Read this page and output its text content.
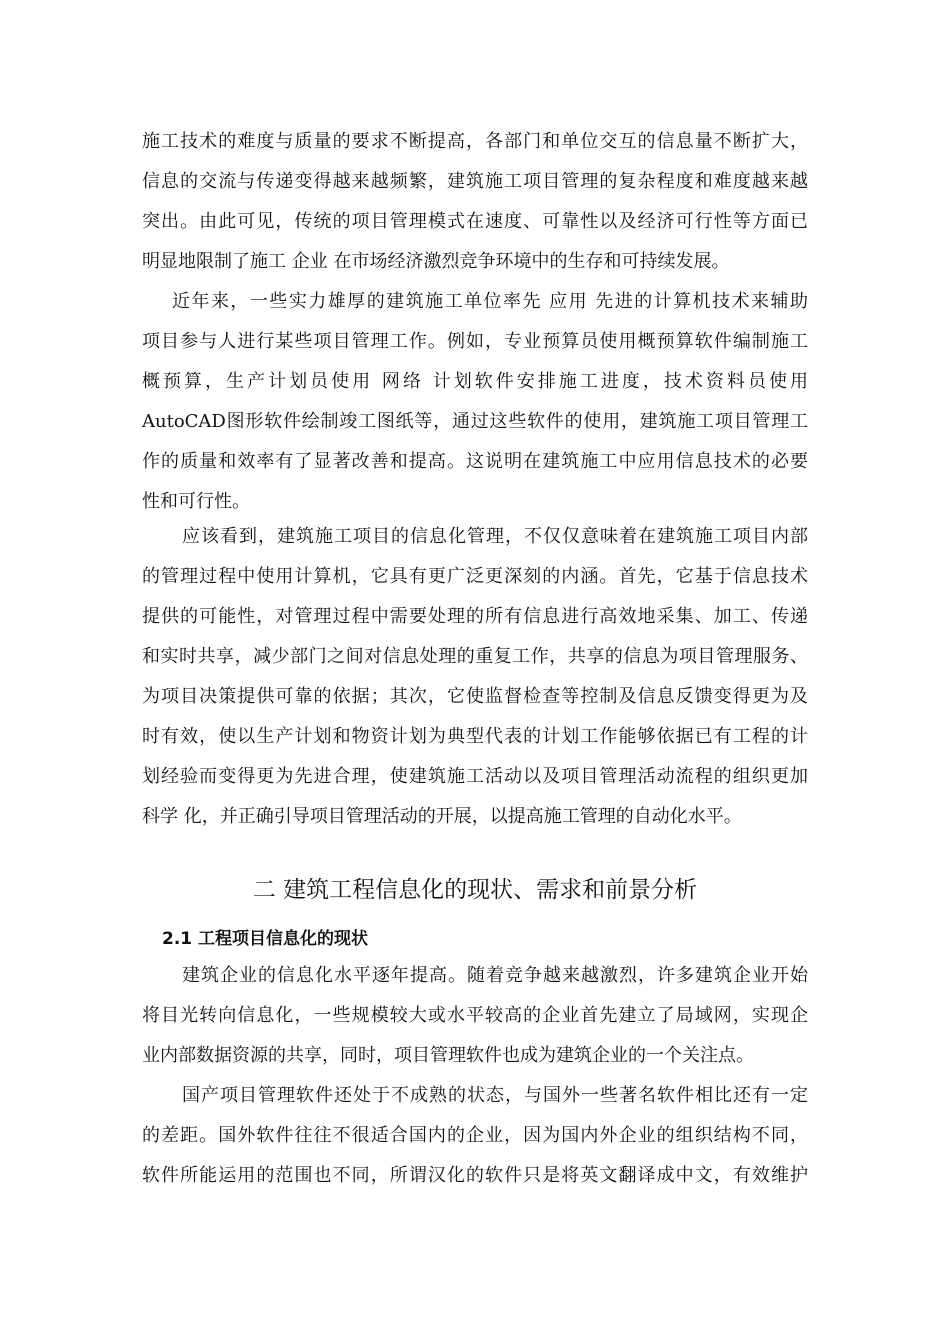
施工技术的难度与质量的要求不断提高，各部门和单位交互的信息量不断扩大，
信息的交流与传递变得越来越频繁，建筑施工项目管理的复杂程度和难度越来越
突出。由此可见，传统的项目管理模式在速度、可靠性以及经济可行性等方面已
明显地限制了施工 企业 在市场经济激烈竞争环境中的生存和可持续发展。
近年来，一些实力雄厚的建筑施工单位率先 应用 先进的计算机技术来辅助
项目参与人进行某些项目管理工作。例如，专业预算员使用概预算软件编制施工
概预算，生产计划员使用 网络 计划软件安排施工进度，技术资料员使用
AutoCAD图形软件绘制竣工图纸等，通过这些软件的使用，建筑施工项目管理工
作的质量和效率有了显著改善和提高。这说明在建筑施工中应用信息技术的必要
性和可行性。
应该看到，建筑施工项目的信息化管理，不仅仅意味着在建筑施工项目内部
的管理过程中使用计算机，它具有更广泛更深刻的内涵。首先，它基于信息技术
提供的可能性，对管理过程中需要处理的所有信息进行高效地采集、加工、传递
和实时共享，减少部门之间对信息处理的重复工作，共享的信息为项目管理服务、
为项目决策提供可靠的依据；其次，它使监督检查等控制及信息反馈变得更为及
时有效，使以生产计划和物资计划为典型代表的计划工作能够依据已有工程的计
划经验而变得更为先进合理，使建筑施工活动以及项目管理活动流程的组织更加
科学 化，并正确引导项目管理活动的开展，以提高施工管理的自动化水平。
二 建筑工程信息化的现状、需求和前景分析
2.1 工程项目信息化的现状
建筑企业的信息化水平逐年提高。随着竞争越来越激烈，许多建筑企业开始
将目光转向信息化，一些规模较大或水平较高的企业首先建立了局域网，实现企
业内部数据资源的共享，同时，项目管理软件也成为建筑企业的一个关注点。
国产项目管理软件还处于不成熟的状态，与国外一些著名软件相比还有一定
的差距。国外软件往往不很适合国内的企业，因为国内外企业的组织结构不同，
软件所能运用的范围也不同，所谓汉化的软件只是将英文翻译成中文，有效维护
